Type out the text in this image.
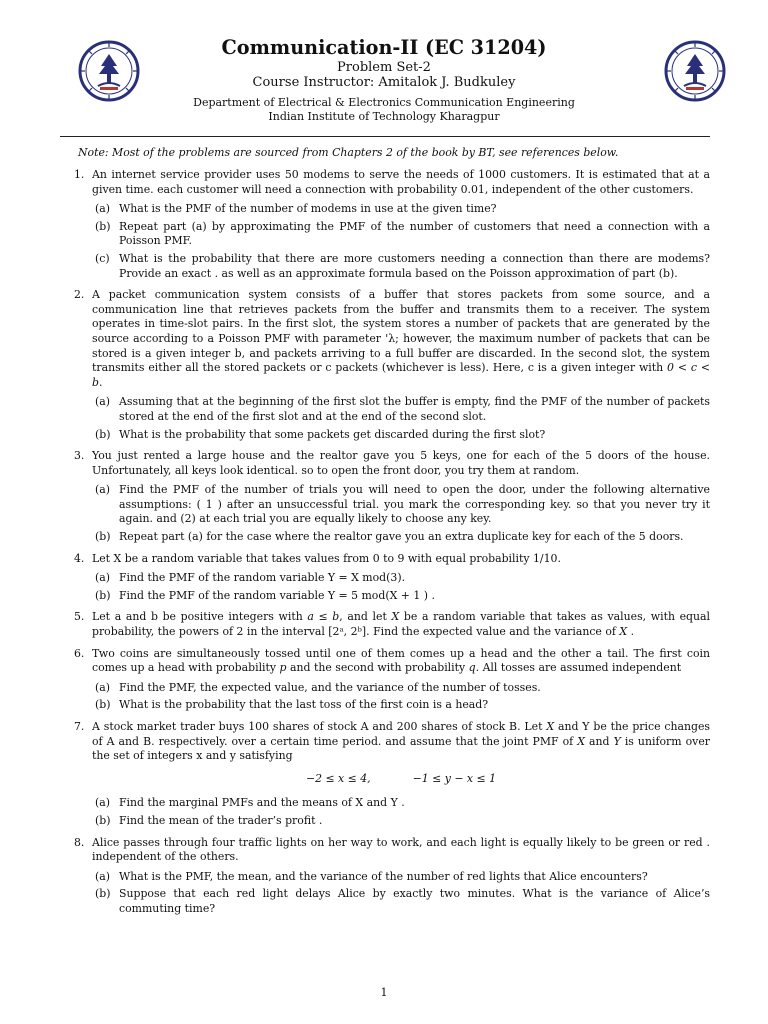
Communication-II (EC 31204)
Problem Set-2
Course Instructor: Amitalok J. Budkuley
Department of Electrical & Electronics Communication Engineering
Indian Institute of Technology Kharagpur
Note: Most of the problems are sourced from Chapters 2 of the book by BT, see references below.
1. An internet service provider uses 50 modems to serve the needs of 1000 customers. It is estimated that at a given time. each customer will need a connection with probability 0.01, independent of the other customers.
(a) What is the PMF of the number of modems in use at the given time?
(b) Repeat part (a) by approximating the PMF of the number of customers that need a connection with a Poisson PMF.
(c) What is the probability that there are more customers needing a connection than there are modems? Provide an exact . as well as an approximate formula based on the Poisson approximation of part (b).
2. A packet communication system consists of a buffer that stores packets from some source, and a communication line that retrieves packets from the buffer and transmits them to a receiver. The system operates in time-slot pairs. In the first slot, the system stores a number of packets that are generated by the source according to a Poisson PMF with parameter 'λ; however, the maximum number of packets that can be stored is a given integer b, and packets arriving to a full buffer are discarded. In the second slot, the system transmits either all the stored packets or c packets (whichever is less). Here, c is a given integer with 0 < c < b.
(a) Assuming that at the beginning of the first slot the buffer is empty, find the PMF of the number of packets stored at the end of the first slot and at the end of the second slot.
(b) What is the probability that some packets get discarded during the first slot?
3. You just rented a large house and the realtor gave you 5 keys, one for each of the 5 doors of the house. Unfortunately, all keys look identical. so to open the front door, you try them at random.
(a) Find the PMF of the number of trials you will need to open the door, under the following alternative assumptions: ( 1 ) after an unsuccessful trial. you mark the corresponding key. so that you never try it again. and (2) at each trial you are equally likely to choose any key.
(b) Repeat part (a) for the case where the realtor gave you an extra duplicate key for each of the 5 doors.
4. Let X be a random variable that takes values from 0 to 9 with equal probability 1/10.
(a) Find the PMF of the random variable Y = X mod(3).
(b) Find the PMF of the random variable Y = 5 mod(X + 1 ) .
5. Let a and b be positive integers with a ≤ b, and let X be a random variable that takes as values, with equal probability, the powers of 2 in the interval [2ᵃ, 2ᵇ]. Find the expected value and the variance of X .
6. Two coins are simultaneously tossed until one of them comes up a head and the other a tail. The first coin comes up a head with probability p and the second with probability q. All tosses are assumed independent
(a) Find the PMF, the expected value, and the variance of the number of tosses.
(b) What is the probability that the last toss of the first coin is a head?
7. A stock market trader buys 100 shares of stock A and 200 shares of stock B. Let X and Y be the price changes of A and B. respectively. over a certain time period. and assume that the joint PMF of X and Y is uniform over the set of integers x and y satisfying
−2 ≤ x ≤ 4,	−1 ≤ y − x ≤ 1
(a) Find the marginal PMFs and the means of X and Y .
(b) Find the mean of the trader’s profit .
8. Alice passes through four traffic lights on her way to work, and each light is equally likely to be green or red . independent of the others.
(a) What is the PMF, the mean, and the variance of the number of red lights that Alice encounters?
(b) Suppose that each red light delays Alice by exactly two minutes. What is the variance of Alice’s commuting time?
1
